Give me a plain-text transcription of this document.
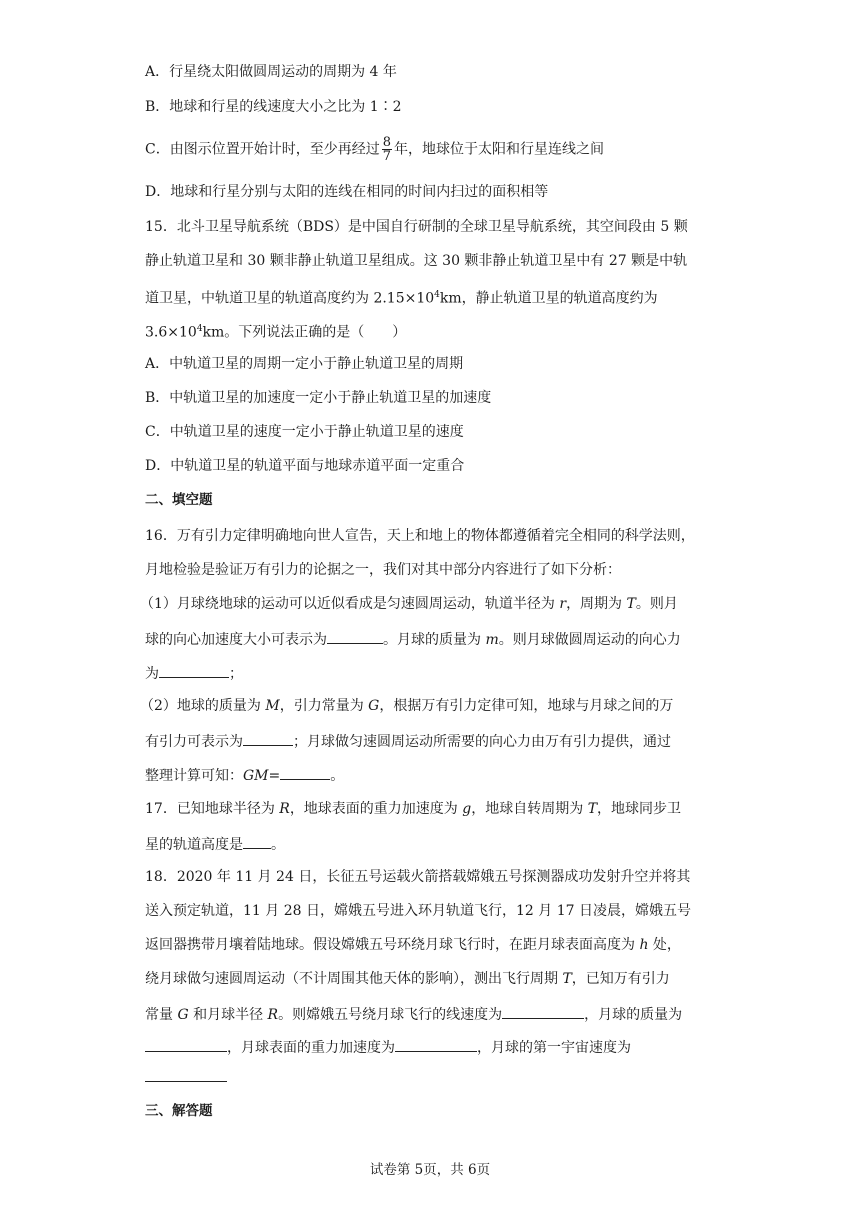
A．行星绕太阳做圆周运动的周期为 4 年
B．地球和行星的线速度大小之比为 1∶2
C．由图示位置开始计时，至少再经过 $\frac{8}{7}$ 年，地球位于太阳和行星连线之间
D．地球和行星分别与太阳的连线在相同的时间内扫过的面积相等
15．北斗卫星导航系统（BDS）是中国自行研制的全球卫星导航系统，其空间段由 5 颗
静止轨道卫星和 30 颗非静止轨道卫星组成。这 30 颗非静止轨道卫星中有 27 颗是中轨
道卫星，中轨道卫星的轨道高度约为 $2.15\times 10^4km$，静止轨道卫星的轨道高度约为
$3.6\times 10^4km$。下列说法正确的是（　　）
A．中轨道卫星的周期一定小于静止轨道卫星的周期
B．中轨道卫星的加速度一定小于静止轨道卫星的加速度
C．中轨道卫星的速度一定小于静止轨道卫星的速度
D．中轨道卫星的轨道平面与地球赤道平面一定重合
二、填空题
16．万有引力定律明确地向世人宣告，天上和地上的物体都遵循着完全相同的科学法则，
月地检验是验证万有引力的论据之一，我们对其中部分内容进行了如下分析：
（1）月球绕地球的运动可以近似看成是匀速圆周运动，轨道半径为 r，周期为 T。则月
球的向心加速度大小可表示为	。月球的质量为 m。则月球做圆周运动的向心力
为	；
（2）地球的质量为 M，引力常量为 G，根据万有引力定律可知，地球与月球之间的万
有引力可表示为	；月球做匀速圆周运动所需要的向心力由万有引力提供，通过
整理计算可知：GM=	。
17．已知地球半径为 R，地球表面的重力加速度为 g，地球自转周期为 T，地球同步卫
星的轨道高度是 。
18．2020 年 11 月 24 日，长征五号运载火箭搭载嫦娥五号探测器成功发射升空并将其
送入预定轨道，11 月 28 日，嫦娥五号进入环月轨道飞行，12 月 17 日凌晨，嫦娥五号
返回器携带月壤着陆地球。假设嫦娥五号环绕月球飞行时，在距月球表面高度为 h 处，
绕月球做匀速圆周运动（不计周围其他天体的影响），测出飞行周期 T，已知万有引力
常量 G 和月球半径 R。则嫦娥五号绕月球飞行的线速度为	，月球的质量为
，月球表面的重力加速度为	，月球的第一宇宙速度为
三、解答题
试卷第 5页，共 6页
